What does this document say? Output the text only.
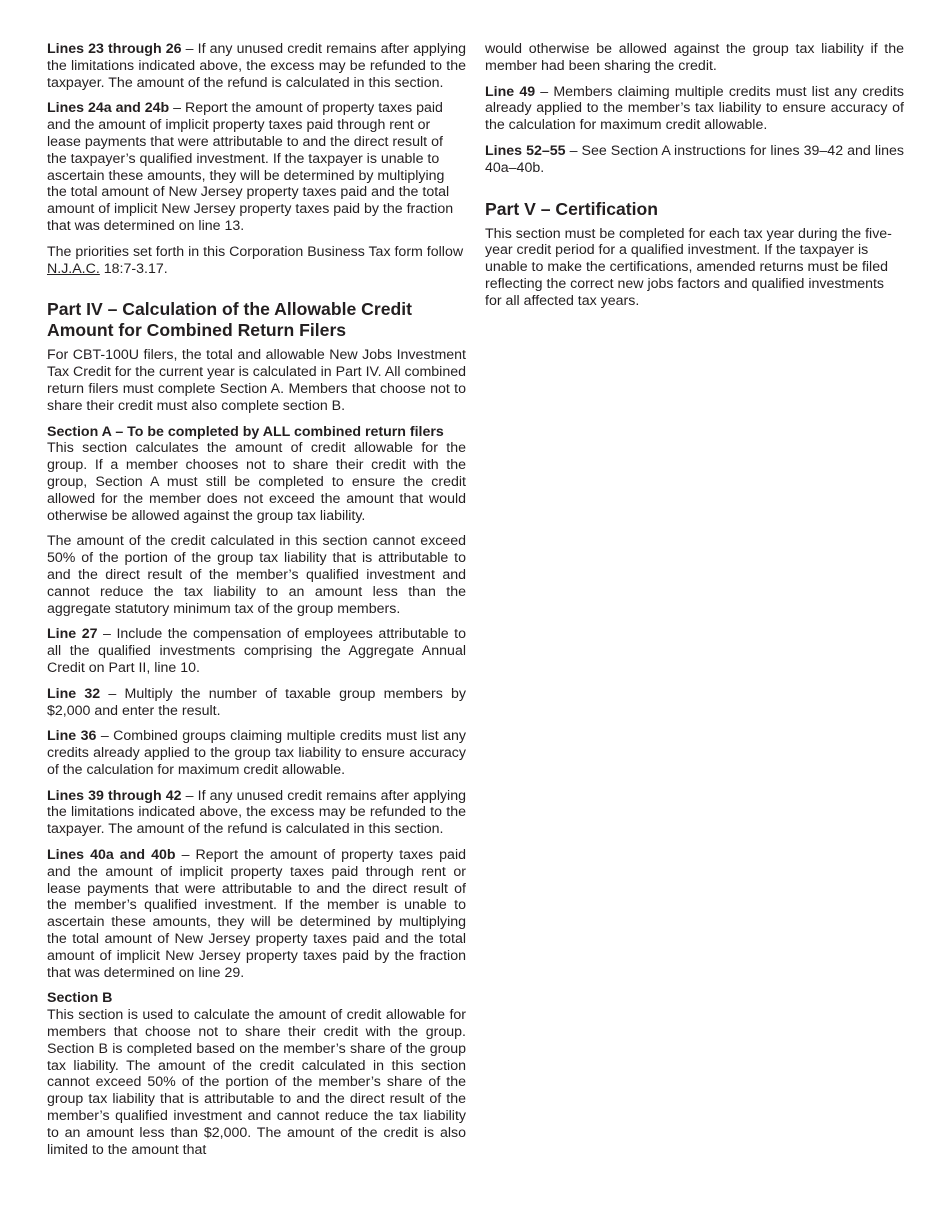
Lines 23 through 26 – If any unused credit remains after applying the limitations indicated above, the excess may be refunded to the taxpayer. The amount of the refund is calculated in this section.

Lines 24a and 24b – Report the amount of property taxes paid and the amount of implicit property taxes paid through rent or lease payments that were attributable to and the direct result of the taxpayer’s qualified investment. If the taxpayer is unable to ascertain these amounts, they will be determined by multiplying the total amount of New Jersey property taxes paid and the total amount of implicit New Jersey property taxes paid by the fraction that was determined on line 13.

The priorities set forth in this Corporation Business Tax form follow N.J.A.C. 18:7-3.17.

Part IV – Calculation of the Allowable Credit Amount for Combined Return Filers

For CBT-100U filers, the total and allowable New Jobs Investment Tax Credit for the current year is calculated in Part IV. All combined return filers must complete Section A. Members that choose not to share their credit must also complete section B.

Section A – To be completed by ALL combined return filers
This section calculates the amount of credit allowable for the group. If a member chooses not to share their credit with the group, Section A must still be completed to ensure the credit allowed for the member does not exceed the amount that would otherwise be allowed against the group tax liability.

The amount of the credit calculated in this section cannot exceed 50% of the portion of the group tax liability that is attributable to and the direct result of the member’s qualified investment and cannot reduce the tax liability to an amount less than the aggregate statutory minimum tax of the group members.

Line 27 – Include the compensation of employees attributable to all the qualified investments comprising the Aggregate Annual Credit on Part II, line 10.

Line 32 – Multiply the number of taxable group members by $2,000 and enter the result.

Line 36 – Combined groups claiming multiple credits must list any credits already applied to the group tax liability to ensure accuracy of the calculation for maximum credit allowable.

Lines 39 through 42 – If any unused credit remains after applying the limitations indicated above, the excess may be refunded to the taxpayer. The amount of the refund is calculated in this section.

Lines 40a and 40b – Report the amount of property taxes paid and the amount of implicit property taxes paid through rent or lease payments that were attributable to and the direct result of the member’s qualified investment. If the member is unable to ascertain these amounts, they will be determined by multiplying the total amount of New Jersey property taxes paid and the total amount of implicit New Jersey property taxes paid by the fraction that was determined on line 29.

Section B
This section is used to calculate the amount of credit allowable for members that choose not to share their credit with the group. Section B is completed based on the member’s share of the group tax liability. The amount of the credit calculated in this section cannot exceed 50% of the portion of the member’s share of the group tax liability that is attributable to and the direct result of the member’s qualified investment and cannot reduce the tax liability to an amount less than $2,000. The amount of the credit is also limited to the amount that

would otherwise be allowed against the group tax liability if the member had been sharing the credit.

Line 49 – Members claiming multiple credits must list any credits already applied to the member’s tax liability to ensure accuracy of the calculation for maximum credit allowable.

Lines 52–55 – See Section A instructions for lines 39–42 and lines 40a–40b.

Part V – Certification

This section must be completed for each tax year during the five-year credit period for a qualified investment. If the taxpayer is unable to make the certifications, amended returns must be filed reflecting the correct new jobs factors and qualified investments for all affected tax years.
